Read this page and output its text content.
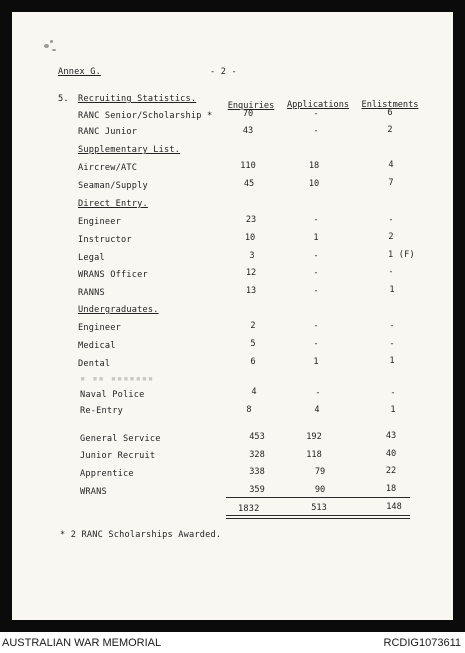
Annex G.	- 2 -
5. Recruiting Statistics.
Enquiries Applications Enlistments
RANC Senior/Scholarship *	70	-	6
RANC Junior	43	-	2
Supplementary List.
Aircrew/ATC	110	18	4
Seaman/Supply	45	10	7
Direct Entry.
Engineer	23	-	-
Instructor	10	1	2
Legal	3	-	1 (F)
WRANS Officer	12	-	-
RANNS	13	-	1
Undergraduates.
Engineer	2	-	-
Medical	5	-	-
Dental	6	1	1
▪ ▪▪ ▪▪▪▪▪▪▪
Naval Police	4	-	-
Re-Entry	8	4	1
General Service	453	192	43
Junior Recruit	328	118	40
Apprentice	338	79	22
WRANS	359	90	18
1832	513	148
* 2 RANC Scholarships Awarded.
AUSTRALIAN WAR MEMORIAL	RCDIG1073611
